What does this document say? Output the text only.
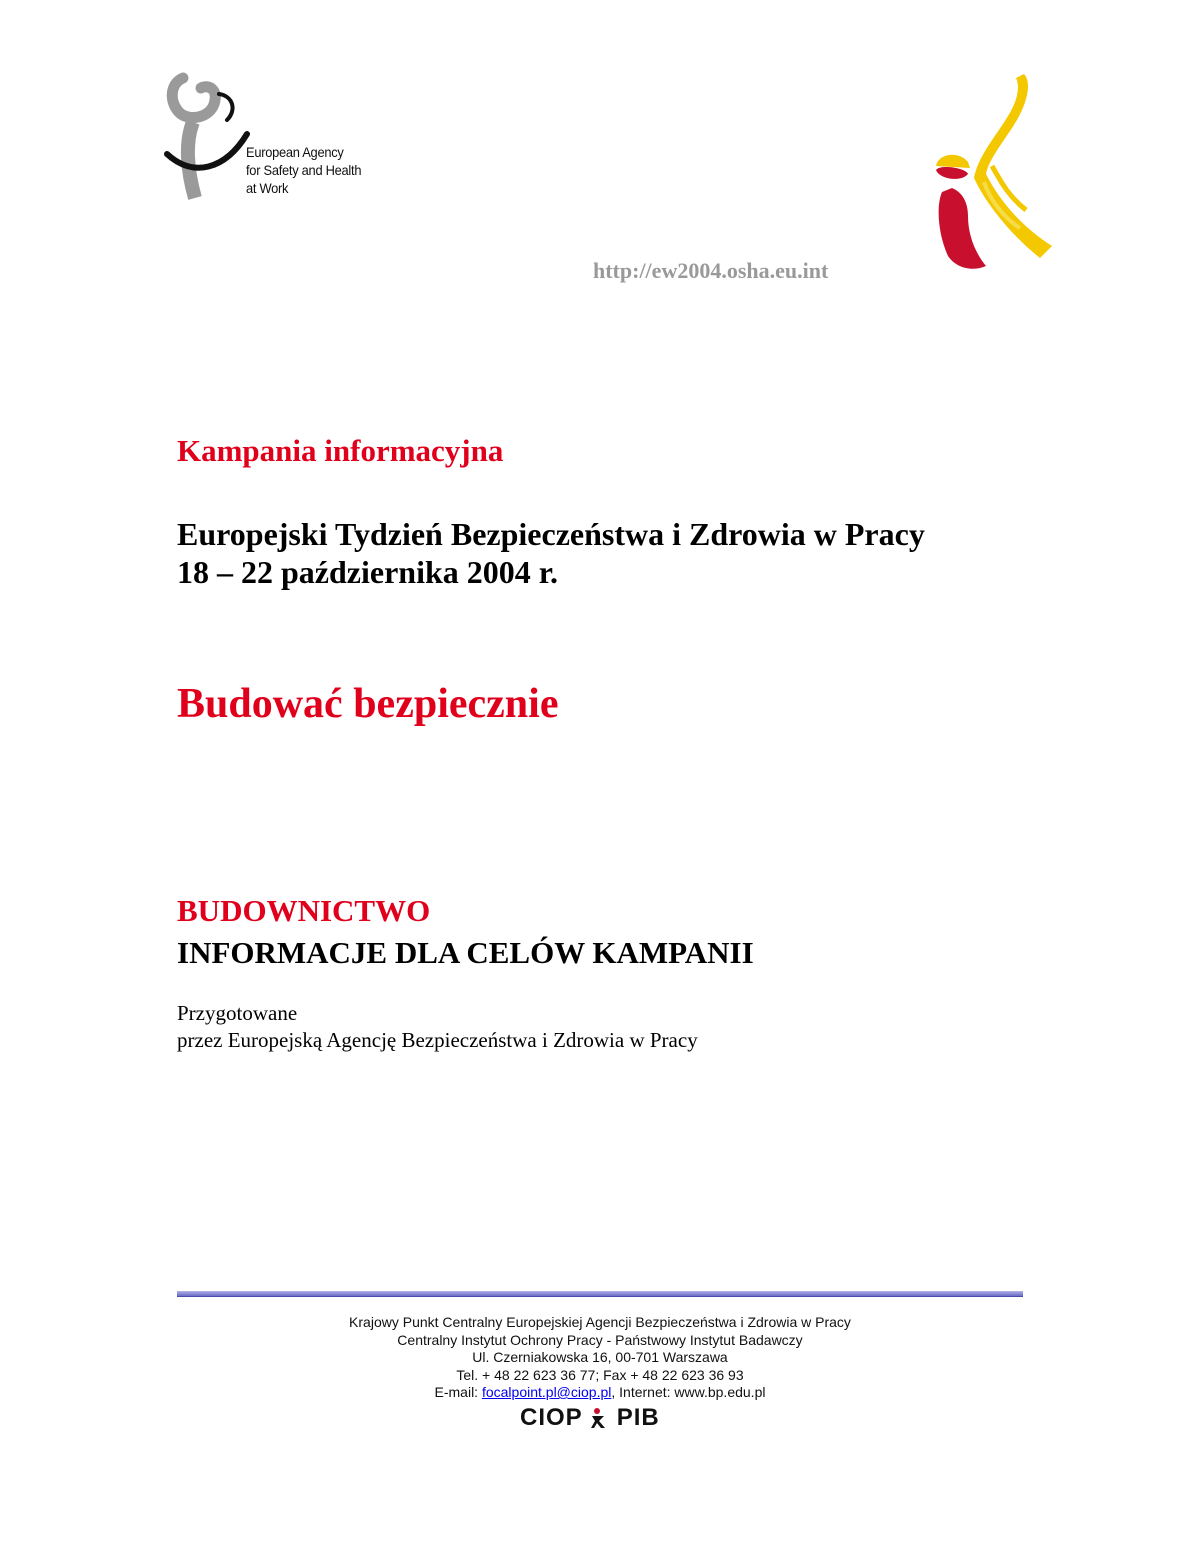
European Agency
for Safety and Health
at Work
http://ew2004.osha.eu.int
Kampania informacyjna
Europejski Tydzień Bezpieczeństwa i Zdrowia w Pracy
18 – 22 października 2004 r.
Budować bezpiecznie
BUDOWNICTWO
INFORMACJE DLA CELÓW KAMPANII
Przygotowane
przez Europejską Agencję Bezpieczeństwa i Zdrowia w Pracy
Krajowy Punkt Centralny Europejskiej Agencji Bezpieczeństwa i Zdrowia w Pracy
Centralny Instytut Ochrony Pracy - Państwowy Instytut Badawczy
Ul. Czerniakowska 16, 00-701 Warszawa
Tel. + 48 22 623 36 77; Fax + 48 22 623 36 93
E-mail: focalpoint.pl@ciop.pl, Internet: www.bp.edu.pl
CIOP PIB
